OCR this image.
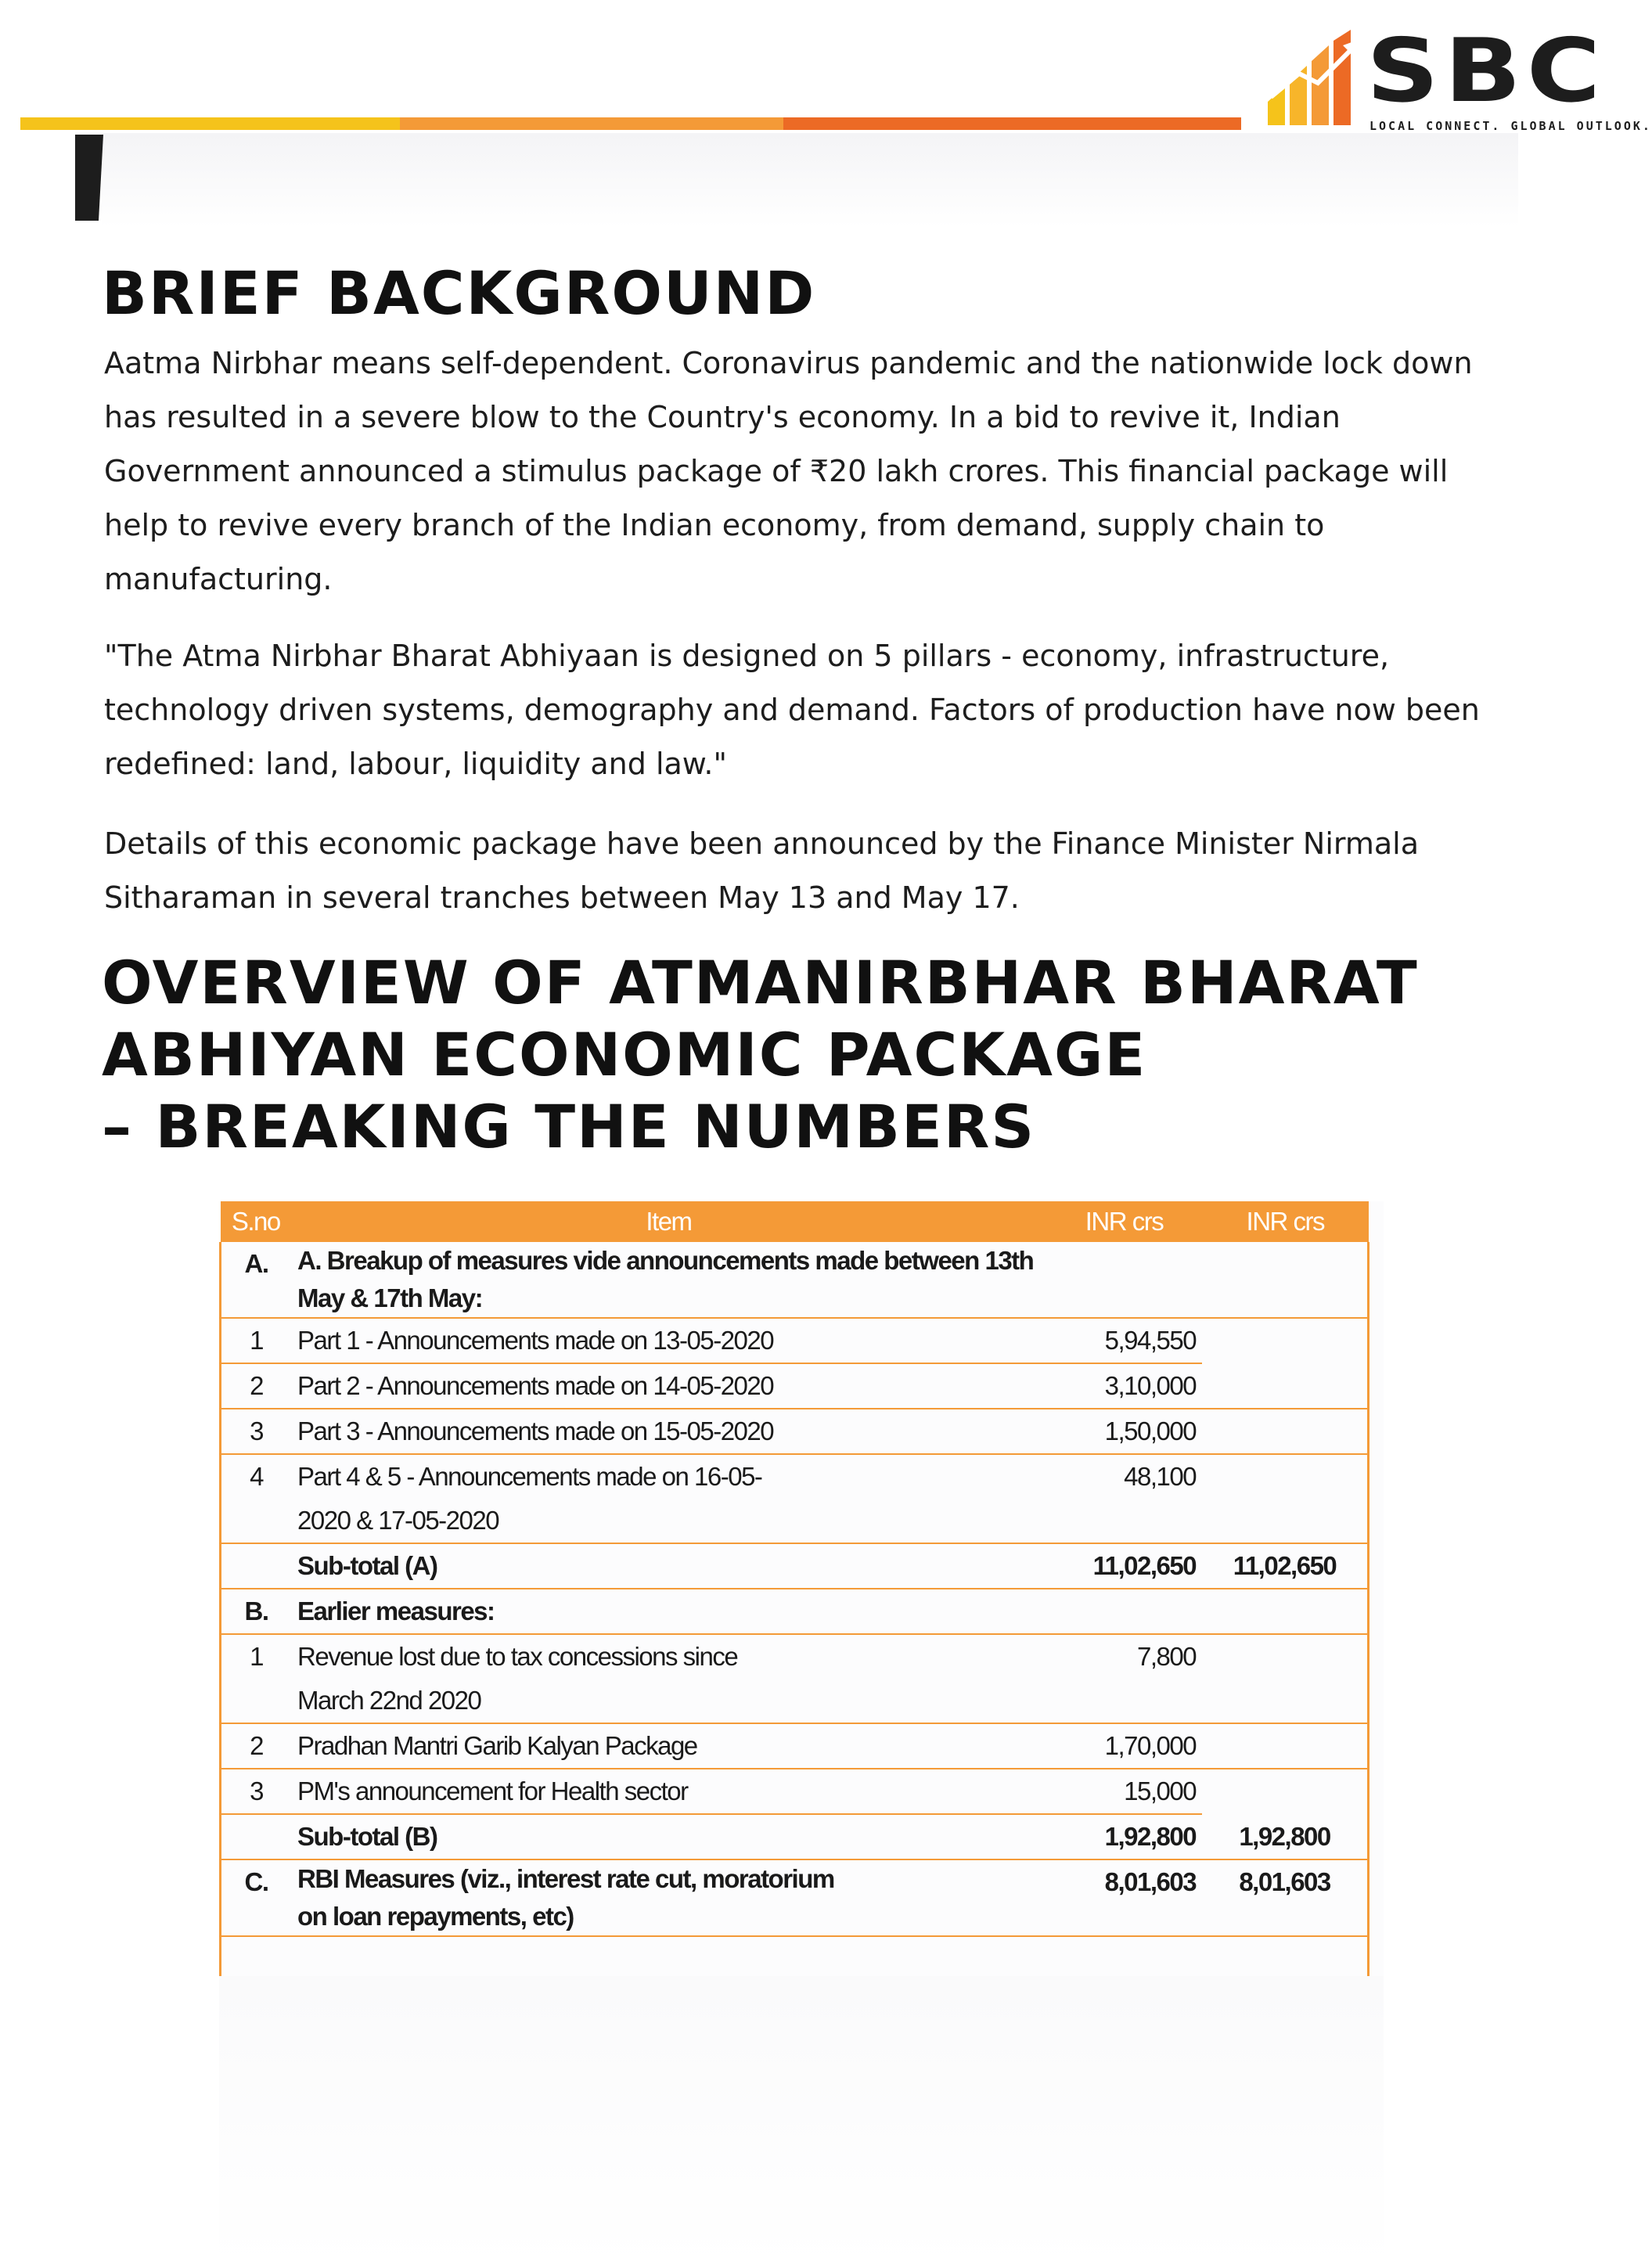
SBC
LOCAL CONNECT. GLOBAL OUTLOOK.
BRIEF BACKGROUND

Aatma Nirbhar means self-dependent. Coronavirus pandemic and the nationwide lock down has resulted in a severe blow to the Country's economy. In a bid to revive it, Indian Government announced a stimulus package of ₹20 lakh crores. This financial package will help to revive every branch of the Indian economy, from demand, supply chain to manufacturing.

"The Atma Nirbhar Bharat Abhiyaan is designed on 5 pillars - economy, infrastructure, technology driven systems, demography and demand. Factors of production have now been redefined: land, labour, liquidity and law."

Details of this economic package have been announced by the Finance Minister Nirmala Sitharaman in several tranches between May 13 and May 17.

OVERVIEW OF ATMANIRBHAR BHARAT
ABHIYAN ECONOMIC PACKAGE
– BREAKING THE NUMBERS
S.no	Item	INR crs	INR crs
A.	A. Breakup of measures vide announcements made between 13th May & 17th May:		
1	Part 1 - Announcements made on 13-05-2020	5,94,550	
2	Part 2 - Announcements made on 14-05-2020	3,10,000	
3	Part 3 - Announcements made on 15-05-2020	1,50,000	
4	Part 4 & 5 - Announcements made on 16-05-2020 & 17-05-2020	48,100	
	Sub-total (A)	11,02,650	11,02,650
B.	Earlier measures:		
1	Revenue lost due to tax concessions since March 22nd 2020	7,800	
2	Pradhan Mantri Garib Kalyan Package	1,70,000	
3	PM's announcement for Health sector	15,000	
	Sub-total (B)	1,92,800	1,92,800
C.	RBI Measures (viz., interest rate cut, moratorium on loan repayments, etc)	8,01,603	8,01,603
